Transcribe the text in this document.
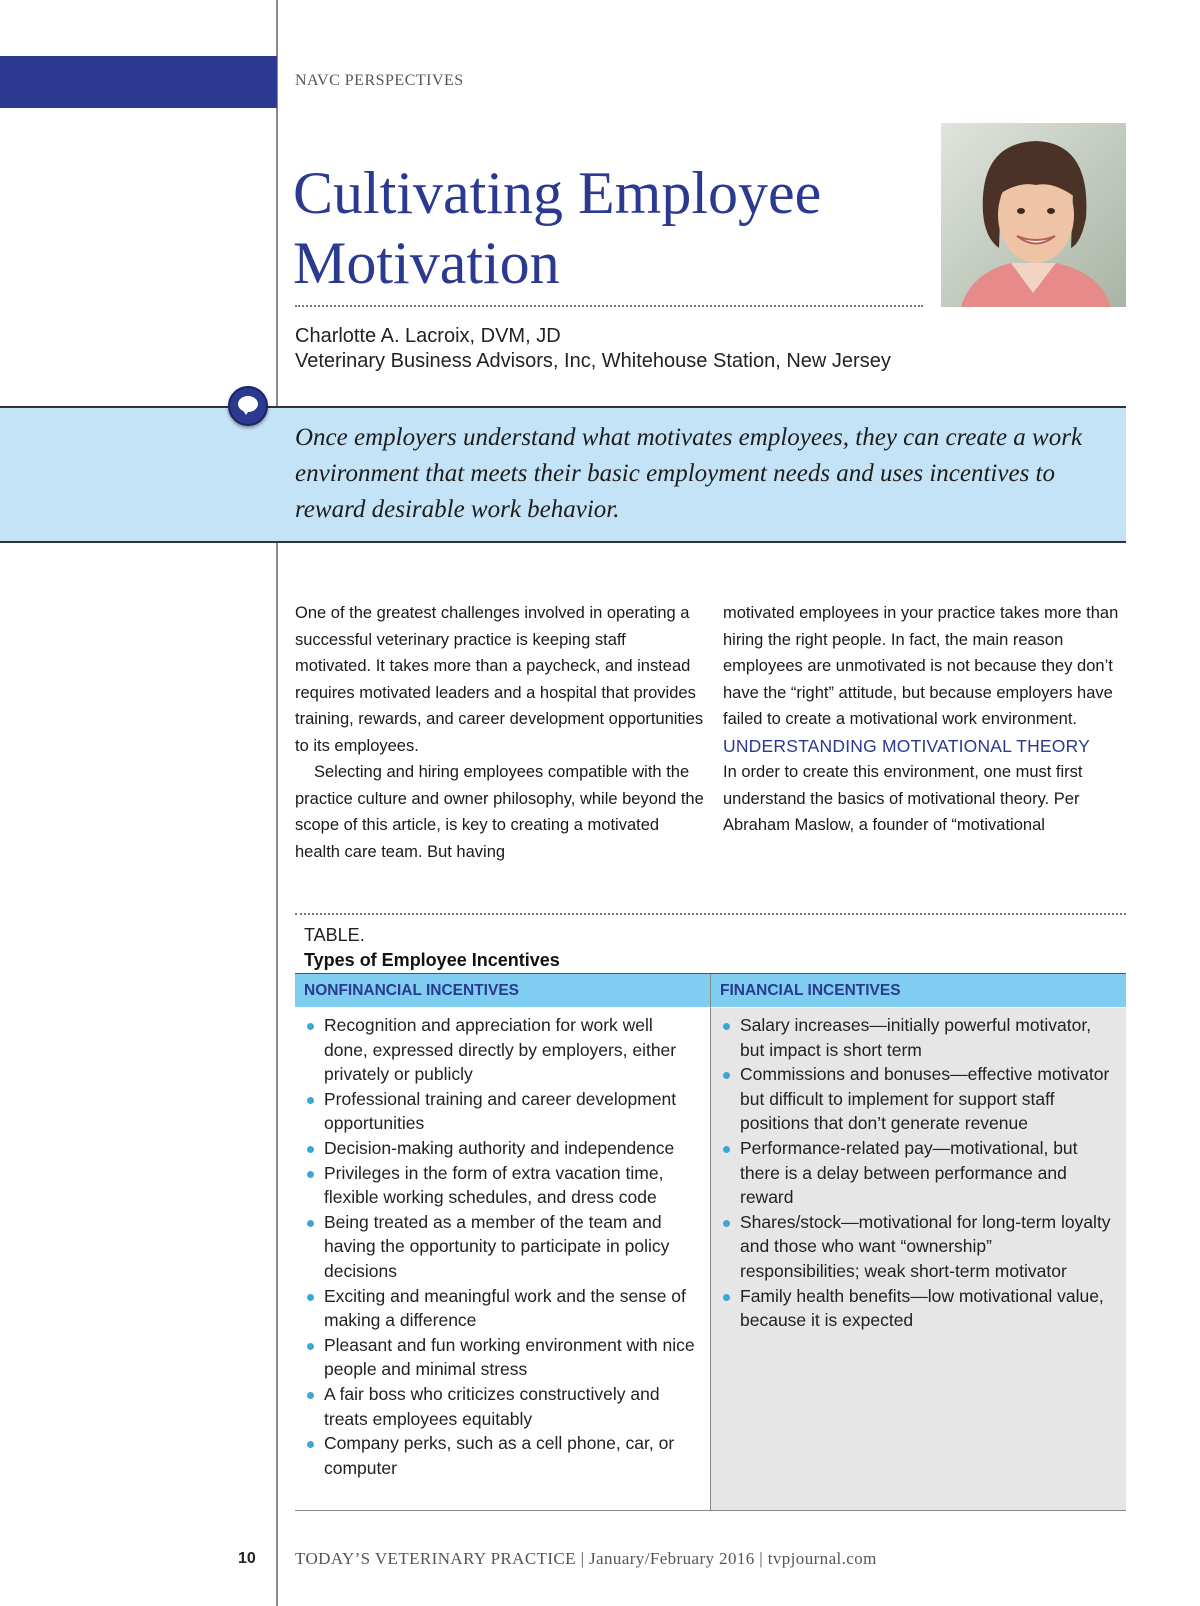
NAVC PERSPECTIVES
Cultivating Employee Motivation
Charlotte A. Lacroix, DVM, JD
Veterinary Business Advisors, Inc, Whitehouse Station, New Jersey
Once employers understand what motivates employees, they can create a work environment that meets their basic employment needs and uses incentives to reward desirable work behavior.

One of the greatest challenges involved in operating a successful veterinary practice is keeping staff motivated. It takes more than a paycheck, and instead requires motivated leaders and a hospital that provides training, rewards, and career development opportunities to its employees.

Selecting and hiring employees compatible with the practice culture and owner philosophy, while beyond the scope of this article, is key to creating a motivated health care team. But having

motivated employees in your practice takes more than hiring the right people. In fact, the main reason employees are unmotivated is not because they don’t have the “right” attitude, but because employers have failed to create a motivational work environment.

UNDERSTANDING MOTIVATIONAL THEORY

In order to create this environment, one must first understand the basics of motivational theory. Per Abraham Maslow, a founder of “motivational

TABLE.
Types of Employee Incentives
NONFINANCIAL INCENTIVES	FINANCIAL INCENTIVES
Recognition and appreciation for work well done, expressed directly by employers, either privately or publicly
Professional training and career development opportunities
Decision-making authority and independence
Privileges in the form of extra vacation time, flexible working schedules, and dress code
Being treated as a member of the team and having the opportunity to participate in policy decisions
Exciting and meaningful work and the sense of making a difference
Pleasant and fun working environment with nice people and minimal stress
A fair boss who criticizes constructively and treats employees equitably
Company perks, such as a cell phone, car, or computer
Salary increases—initially powerful motivator, but impact is short term
Commissions and bonuses—effective motivator but difficult to implement for support staff positions that don’t generate revenue
Performance-related pay—motivational, but there is a delay between performance and reward
Shares/stock—motivational for long-term loyalty and those who want “ownership” responsibilities; weak short-term motivator
Family health benefits—low motivational value, because it is expected
10 TODAY’S VETERINARY PRACTICE | January/February 2016 | tvpjournal.com
